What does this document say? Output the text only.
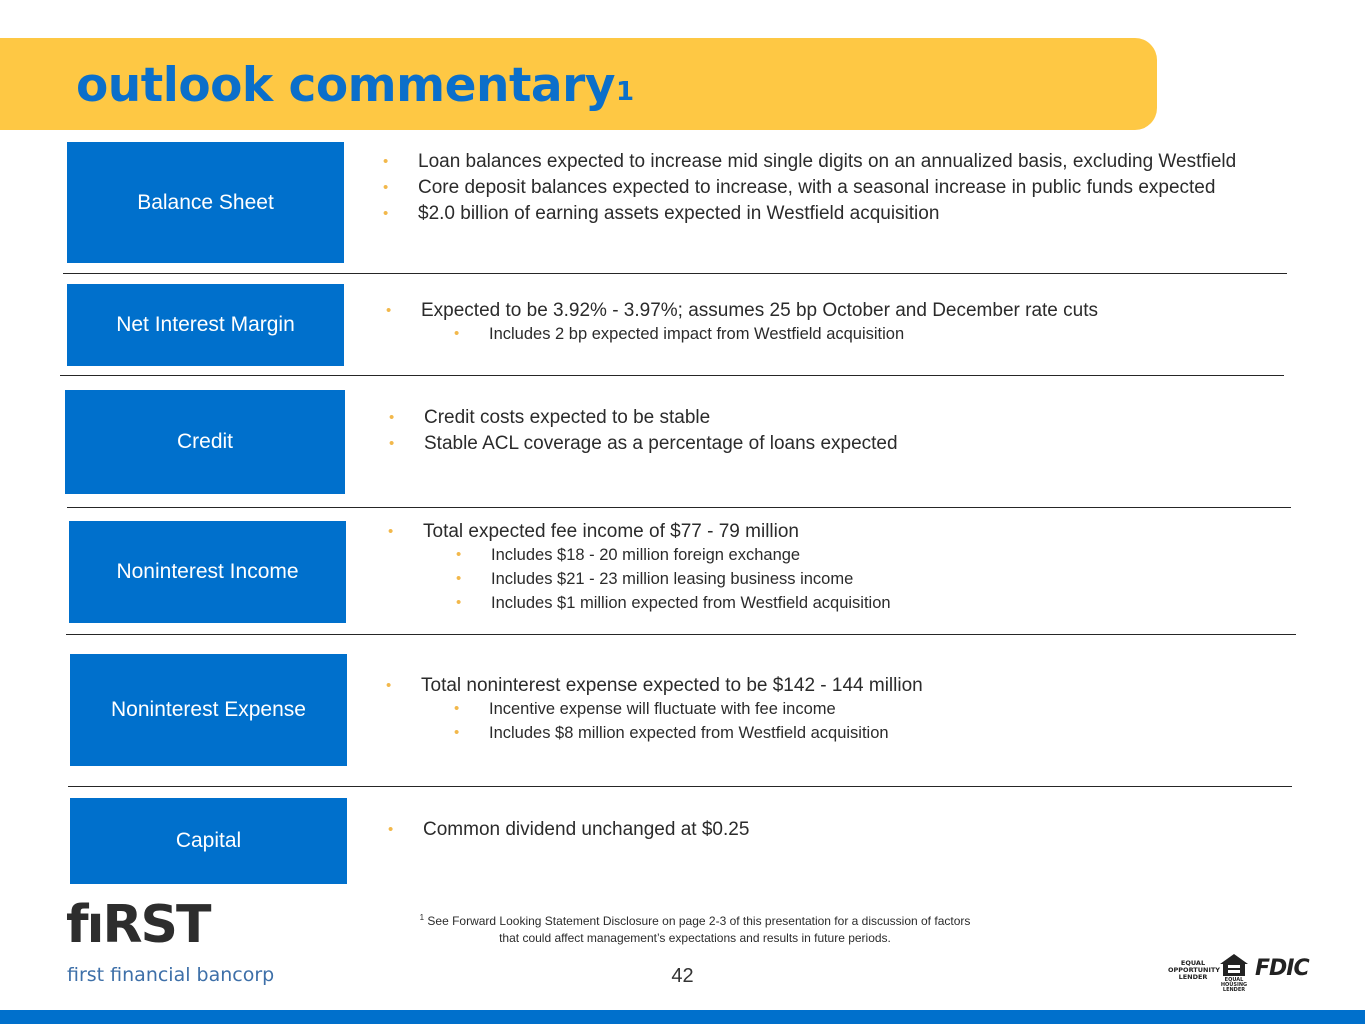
outlook commentary$^1$
Balance Sheet
• Loan balances expected to increase mid single digits on an annualized basis, excluding Westfield
• Core deposit balances expected to increase, with a seasonal increase in public funds expected
• $2.0 billion of earning assets expected in Westfield acquisition
Net Interest Margin
• Expected to be 3.92% - 3.97%; assumes 25 bp October and December rate cuts
• Includes 2 bp expected impact from Westfield acquisition
Credit
• Credit costs expected to be stable
• Stable ACL coverage as a percentage of loans expected
Noninterest Income
• Total expected fee income of $77 - 79 million
• Includes $18 - 20 million foreign exchange
• Includes $21 - 23 million leasing business income
• Includes $1 million expected from Westfield acquisition
Noninterest Expense
• Total noninterest expense expected to be $142 - 144 million
• Incentive expense will fluctuate with fee income
• Includes $8 million expected from Westfield acquisition
Capital	• Common dividend unchanged at $0.25
fıRST
first financial bancorp
$^1$ See Forward Looking Statement Disclosure on page 2-3 of this presentation for a discussion of factors
that could affect management’s expectations and results in future periods.
42
EQUAL
OPPORTUNITY
LENDER	EQUAL HOUSING
LENDER
FDIC
